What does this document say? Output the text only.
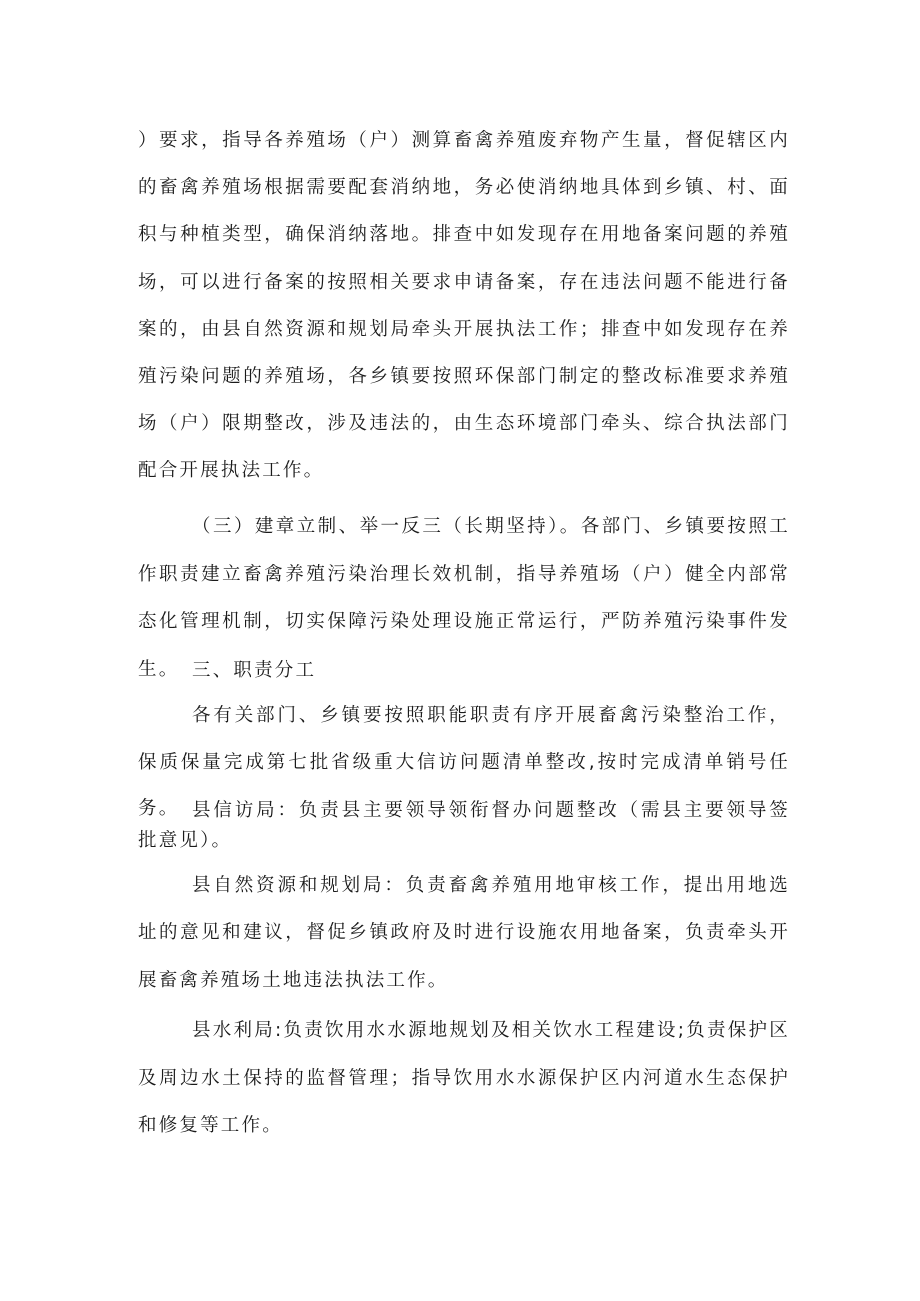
）要求，指导各养殖场（户）测算畜禽养殖废弃物产生量，督促辖区内的畜禽养殖场根据需要配套消纳地，务必使消纳地具体到乡镇、村、面积与种植类型，确保消纳落地。排查中如发现存在用地备案问题的养殖场，可以进行备案的按照相关要求申请备案，存在违法问题不能进行备案的，由县自然资源和规划局牵头开展执法工作；排查中如发现存在养殖污染问题的养殖场，各乡镇要按照环保部门制定的整改标准要求养殖场（户）限期整改，涉及违法的，由生态环境部门牵头、综合执法部门配合开展执法工作。

（三）建章立制、举一反三（长期坚持）。各部门、乡镇要按照工作职责建立畜禽养殖污染治理长效机制，指导养殖场（户）健全内部常态化管理机制，切实保障污染处理设施正常运行，严防养殖污染事件发生。 三、职责分工

各有关部门、乡镇要按照职能职责有序开展畜禽污染整治工作，保质保量完成第七批省级重大信访问题清单整改,按时完成清单销号任务。 县信访局：负责县主要领导领衔督办问题整改（需县主要领导签批意见）。

县自然资源和规划局：负责畜禽养殖用地审核工作，提出用地选址的意见和建议，督促乡镇政府及时进行设施农用地备案，负责牵头开展畜禽养殖场土地违法执法工作。

县水利局:负责饮用水水源地规划及相关饮水工程建设;负责保护区及周边水土保持的监督管理；指导饮用水水源保护区内河道水生态保护和修复等工作。
